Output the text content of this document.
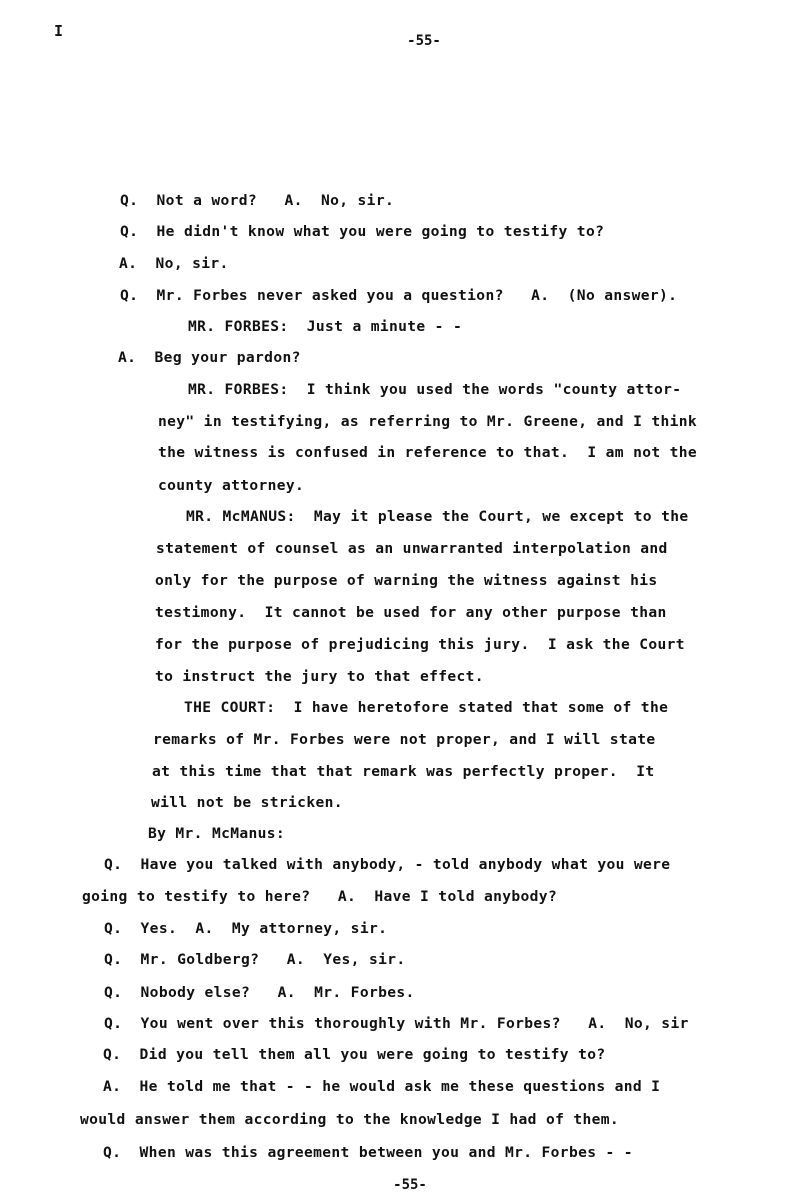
I
-55-
Q.  Not a word?   A.  No, sir.
Q.  He didn't know what you were going to testify to?
A.  No, sir.
Q.  Mr. Forbes never asked you a question?   A.  (No answer).
MR. FORBES:  Just a minute - -
A.  Beg your pardon?
MR. FORBES:  I think you used the words "county attor-
ney" in testifying, as referring to Mr. Greene, and I think
the witness is confused in reference to that.  I am not the
county attorney.
MR. McMANUS:  May it please the Court, we except to the
statement of counsel as an unwarranted interpolation and
only for the purpose of warning the witness against his
testimony.  It cannot be used for any other purpose than
for the purpose of prejudicing this jury.  I ask the Court
to instruct the jury to that effect.
THE COURT:  I have heretofore stated that some of the
remarks of Mr. Forbes were not proper, and I will state
at this time that that remark was perfectly proper.  It
will not be stricken.
By Mr. McManus:
Q.  Have you talked with anybody, - told anybody what you were
going to testify to here?   A.  Have I told anybody?
Q.  Yes.  A.  My attorney, sir.
Q.  Mr. Goldberg?   A.  Yes, sir.
Q.  Nobody else?   A.  Mr. Forbes.
Q.  You went over this thoroughly with Mr. Forbes?   A.  No, sir
Q.  Did you tell them all you were going to testify to?
A.  He told me that - - he would ask me these questions and I
would answer them according to the knowledge I had of them.
Q.  When was this agreement between you and Mr. Forbes - -
-55-
